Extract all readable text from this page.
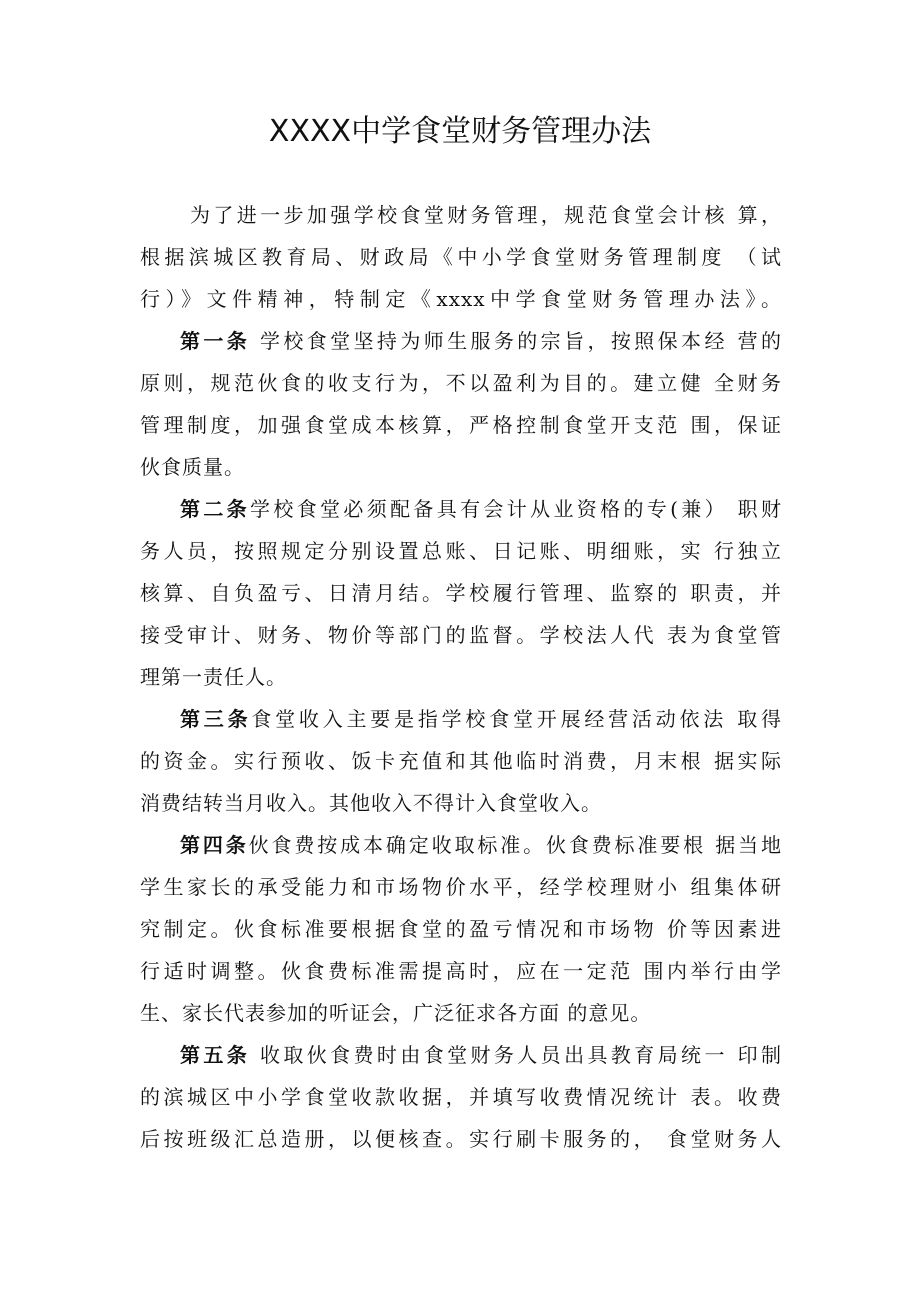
XXXX中学食堂财务管理办法
为了进一步加强学校食堂财务管理，规范食堂会计核 算，
根据滨城区教育局、财政局《中小学食堂财务管理制度 （试
行）》文件精神，特制定《xxxx中学食堂财务管理办法》。
第一条 学校食堂坚持为师生服务的宗旨，按照保本经 营的
原则，规范伙食的收支行为，不以盈利为目的。建立健 全财务
管理制度，加强食堂成本核算，严格控制食堂开支范 围，保证
伙食质量。
第二条学校食堂必须配备具有会计从业资格的专(兼） 职财
务人员，按照规定分别设置总账、日记账、明细账，实 行独立
核算、自负盈亏、日清月结。学校履行管理、监察的 职责，并
接受审计、财务、物价等部门的监督。学校法人代 表为食堂管
理第一责任人。
第三条食堂收入主要是指学校食堂开展经营活动依法 取得
的资金。实行预收、饭卡充值和其他临时消费，月末根 据实际
消费结转当月收入。其他收入不得计入食堂收入。
第四条伙食费按成本确定收取标准。伙食费标准要根 据当地
学生家长的承受能力和市场物价水平，经学校理财小 组集体研
究制定。伙食标准要根据食堂的盈亏情况和市场物 价等因素进
行适时调整。伙食费标准需提高时，应在一定范 围内举行由学
生、家长代表参加的听证会，广泛征求各方面 的意见。
第五条 收取伙食费时由食堂财务人员出具教育局统一 印制
的滨城区中小学食堂收款收据，并填写收费情况统计 表。收费
后按班级汇总造册，以便核查。实行刷卡服务的， 食堂财务人
